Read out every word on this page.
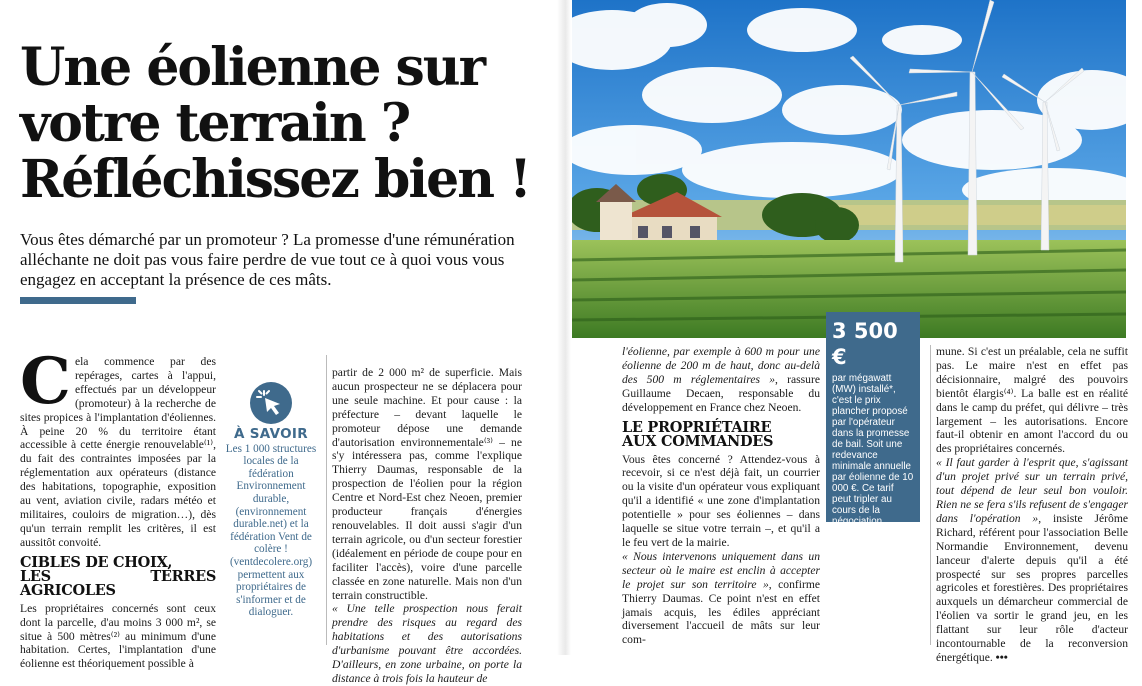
Une éolienne sur
votre terrain ?
Réfléchissez bien !

Vous êtes démarché par un promoteur ? La promesse d'une rémunération alléchante ne doit pas vous faire perdre de vue tout ce à quoi vous vous engagez en acceptant la présence de ces mâts.

C ela commence par des repérages, cartes à l'appui, effectués par un développeur (promoteur) à la recherche de sites propices à l'implantation d'éoliennes. À peine 20 % du territoire étant accessible à cette énergie renouvelable⁽¹⁾, du fait des contraintes imposées par la réglementation aux opérateurs (distance des habitations, topographie, exposition au vent, aviation civile, radars météo et militaires, couloirs de migration…), dès qu'un terrain remplit les critères, il est aussitôt convoité.

CIBLES DE CHOIX,
LES TERRES AGRICOLES

Les propriétaires concernés sont ceux dont la parcelle, d'au moins 3 000 m², se situe à 500 mètres⁽²⁾ au minimum d'une habitation. Certes, l'implantation d'une éolienne est théoriquement possible à

À SAVOIR
Les 1 000 structures locales de la fédération Environnement durable, (environnement durable.net) et la fédération Vent de colère ! (ventdecolere.org) permettent aux propriétaires de s'informer et de dialoguer.

partir de 2 000 m² de superficie. Mais aucun prospecteur ne se déplacera pour une seule machine. Et pour cause : la préfecture – devant laquelle le promoteur dépose une demande d'autorisation environnementale⁽³⁾ – ne s'y intéressera pas, comme l'explique Thierry Daumas, responsable de la prospection de l'éolien pour la région Centre et Nord-Est chez Neoen, premier producteur français d'énergies renouvelables. Il doit aussi s'agir d'un terrain agricole, ou d'un secteur forestier (idéalement en période de coupe pour en faciliter l'accès), voire d'une parcelle classée en zone naturelle. Mais non d'un terrain constructible.

« Une telle prospection nous ferait prendre des risques au regard des habitations et des autorisations d'urbanisme pouvant être accordées. D'ailleurs, en zone urbaine, on porte la distance à trois fois la hauteur de

3 500 €
par mégawatt (MW) installé*, c'est le prix plancher proposé par l'opérateur dans la promesse de bail. Soit une redevance minimale annuelle par éolienne de 10 000 €. Ce tarif peut tripler au cours de la négociation menée avec l'opérateur.
* Puissance nominale de l'éolienne.

l'éolienne, par exemple à 600 m pour une éolienne de 200 m de haut, donc au-delà des 500 m réglementaires », rassure Guillaume Decaen, responsable du développement en France chez Neoen.

LE PROPRIÉTAIRE
AUX COMMANDES

Vous êtes concerné ? Attendez-vous à recevoir, si ce n'est déjà fait, un courrier ou la visite d'un opérateur vous expliquant qu'il a identifié « une zone d'implantation potentielle » pour ses éoliennes – dans laquelle se situe votre terrain –, et qu'il a le feu vert de la mairie.

« Nous intervenons uniquement dans un secteur où le maire est enclin à accepter le projet sur son territoire », confirme Thierry Daumas. Ce point n'est en effet jamais acquis, les édiles appréciant diversement l'accueil de mâts sur leur com-

mune. Si c'est un préalable, cela ne suffit pas. Le maire n'est en effet pas décisionnaire, malgré des pouvoirs bientôt élargis⁽⁴⁾. La balle est en réalité dans le camp du préfet, qui délivre – très largement – les autorisations. Encore faut-il obtenir en amont l'accord du ou des propriétaires concernés.

« Il faut garder à l'esprit que, s'agissant d'un projet privé sur un terrain privé, tout dépend de leur seul bon vouloir. Rien ne se fera s'ils refusent de s'engager dans l'opération », insiste Jérôme Richard, référent pour l'association Belle Normandie Environnement, devenu lanceur d'alerte depuis qu'il a été prospecté sur ses propres parcelles agricoles et forestières. Des propriétaires auxquels un démarcheur commercial de l'éolien va sortir le grand jeu, en les flattant sur leur rôle d'acteur incontournable de la reconversion énergétique. •••
